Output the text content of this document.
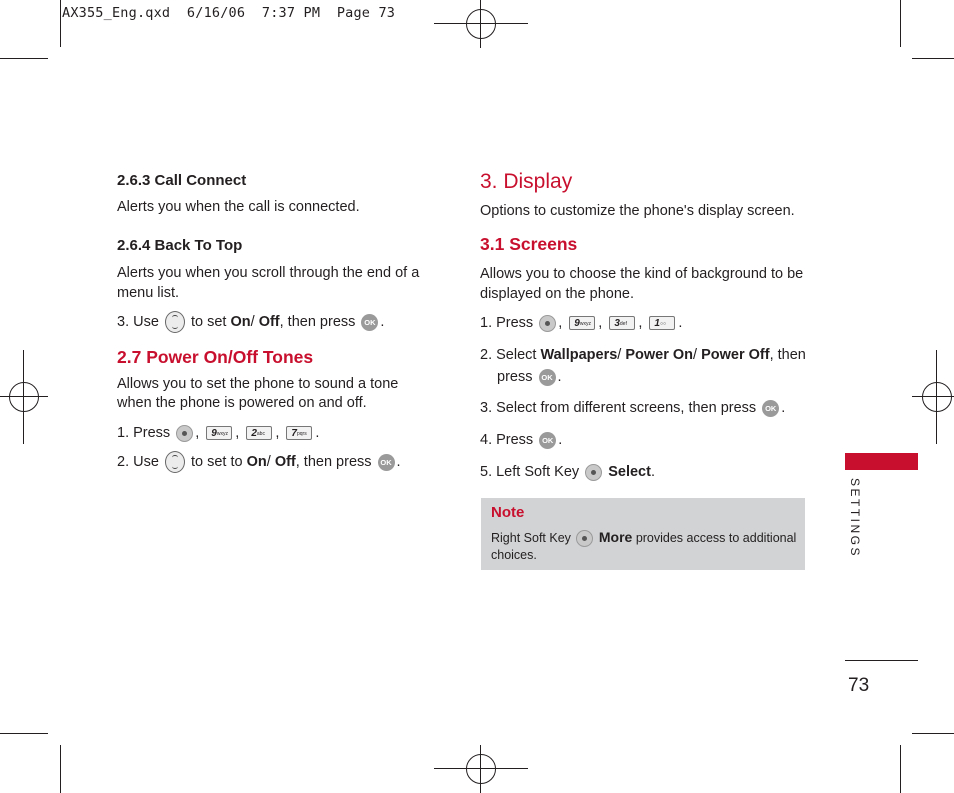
AX355_Eng.qxd  6/16/06  7:37 PM  Page 73
2.6.3 Call Connect
Alerts you when the call is connected.
2.6.4 Back To Top
Alerts you when you scroll through the end of a menu list.
3. Use to set On/ Off, then press OK .
2.7 Power On/Off Tones
Allows you to set the phone to sound a tone when the phone is powered on and off.
1. Press , $9^{wxyz}$ , $2^{abc}$ , $7^{pqrs}$ .
2. Use to set to On/ Off, then press OK .
3. Display
Options to customize the phone's display screen.
3.1 Screens
Allows you to choose the kind of background to be displayed on the phone.
1. Press , $9^{wxyz}$ , $3^{def}$ , 1○○ .
2. Select Wallpapers/ Power On/ Power Off, then
press OK .
3. Select from different screens, then press OK .
4. Press OK .
5. Left Soft Key Select.
Note
Right Soft Key More provides access to additional
choices.	SETTINGS
73
